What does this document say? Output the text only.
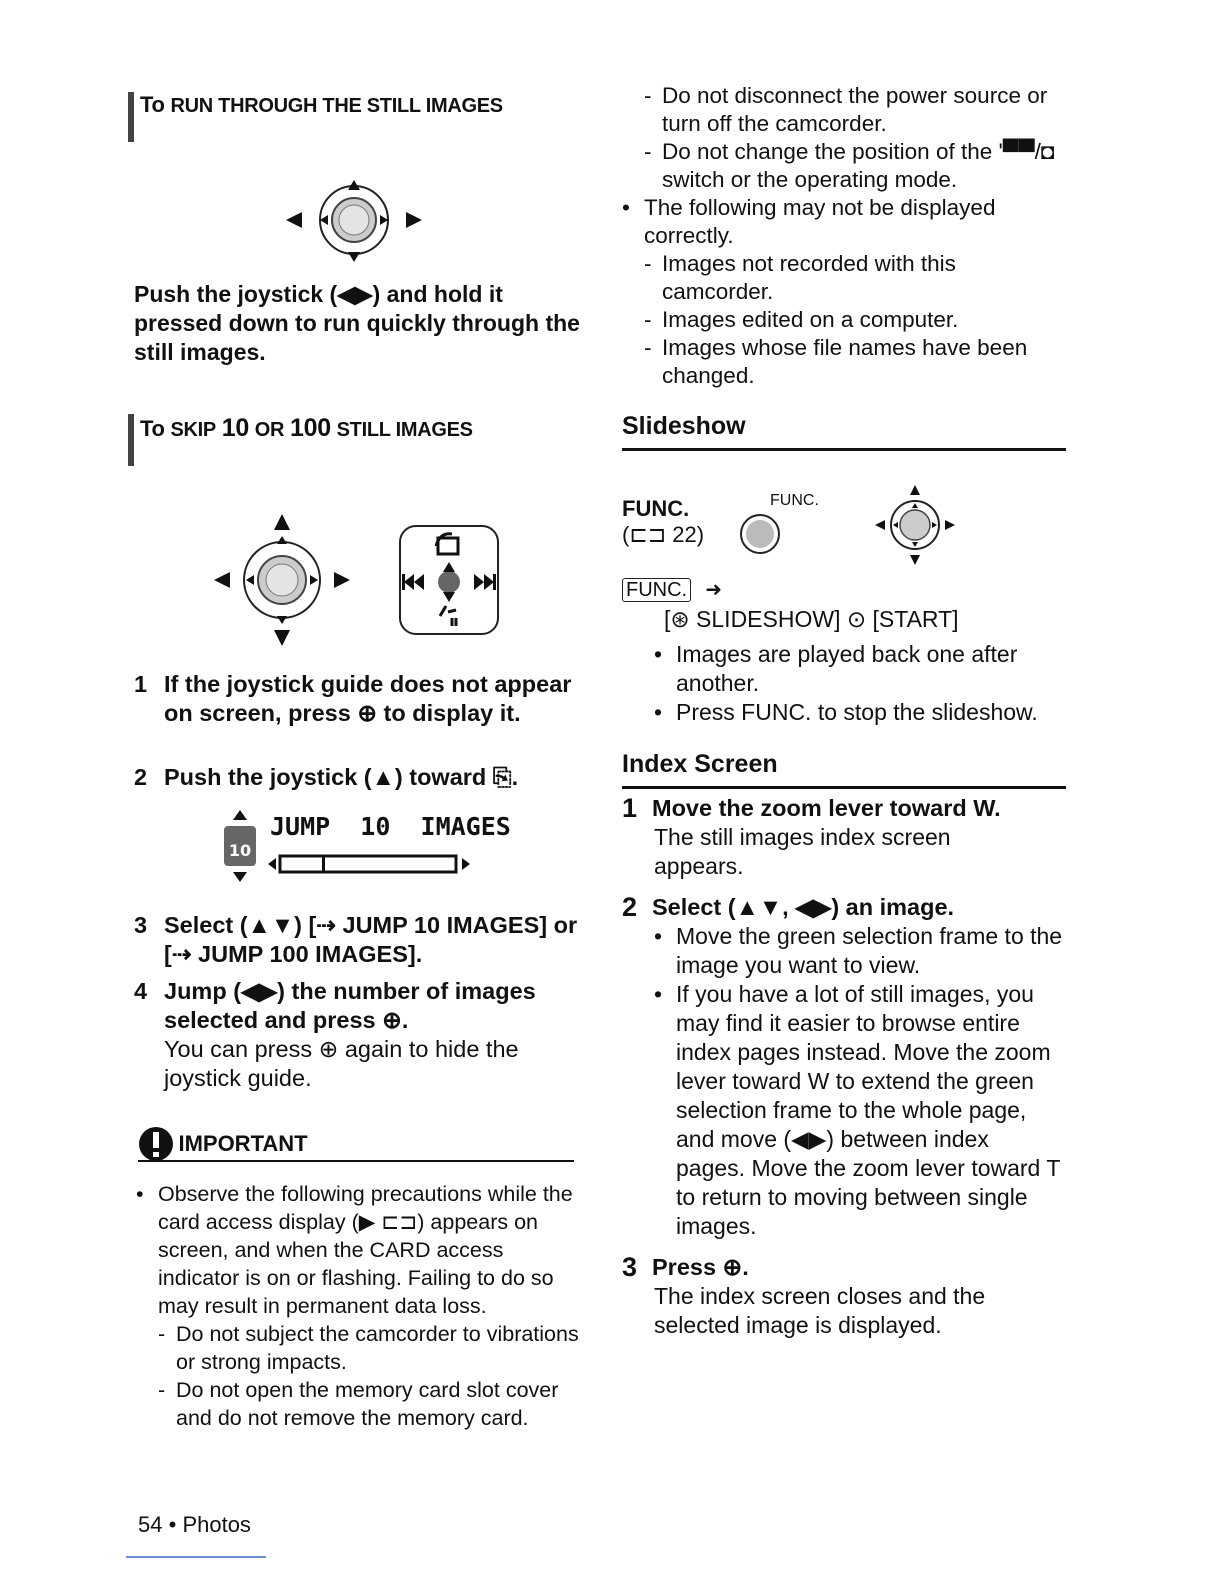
To RUN THROUGH THE STILL IMAGES
Push the joystick (◀▶) and hold it pressed down to run quickly through the still images.
To SKIP 10 OR 100 STILL IMAGES
1 If the joystick guide does not appear on screen, press ⊕ to display it.
2 Push the joystick (▲) toward ⎘.
10
JUMP  10  IMAGES
3 Select (▲▼) [⇢ JUMP 10 IMAGES] or [⇢ JUMP 100 IMAGES].
4 Jump (◀▶) the number of images selected and press ⊕.
You can press ⊕ again to hide the joystick guide.
IMPORTANT
• Observe the following precautions while the card access display (▶ ⊏⊐) appears on screen, and when the CARD access indicator is on or flashing. Failing to do so may result in permanent data loss.
- Do not subject the camcorder to vibrations or strong impacts.
- Do not open the memory card slot cover and do not remove the memory card.
54 • Photos
- Do not disconnect the power source or turn off the camcorder.
- Do not change the position of the '▀▀/◘ switch or the operating mode.
• The following may not be displayed correctly.
- Images not recorded with this camcorder.
- Images edited on a computer.
- Images whose file names have been changed.
Slideshow
FUNC.
(⊏⊐ 22)
FUNC.
FUNC. ➜
[⊛ SLIDESHOW] ⊙ [START]
• Images are played back one after another.
• Press FUNC. to stop the slideshow.
Index Screen
1 Move the zoom lever toward W.
The still images index screen appears.
2 Select (▲▼, ◀▶) an image.
• Move the green selection frame to the image you want to view.
• If you have a lot of still images, you may find it easier to browse entire index pages instead. Move the zoom lever toward W to extend the green selection frame to the whole page, and move (◀▶) between index pages. Move the zoom lever toward T to return to moving between single images.
3 Press ⊕.
The index screen closes and the selected image is displayed.
